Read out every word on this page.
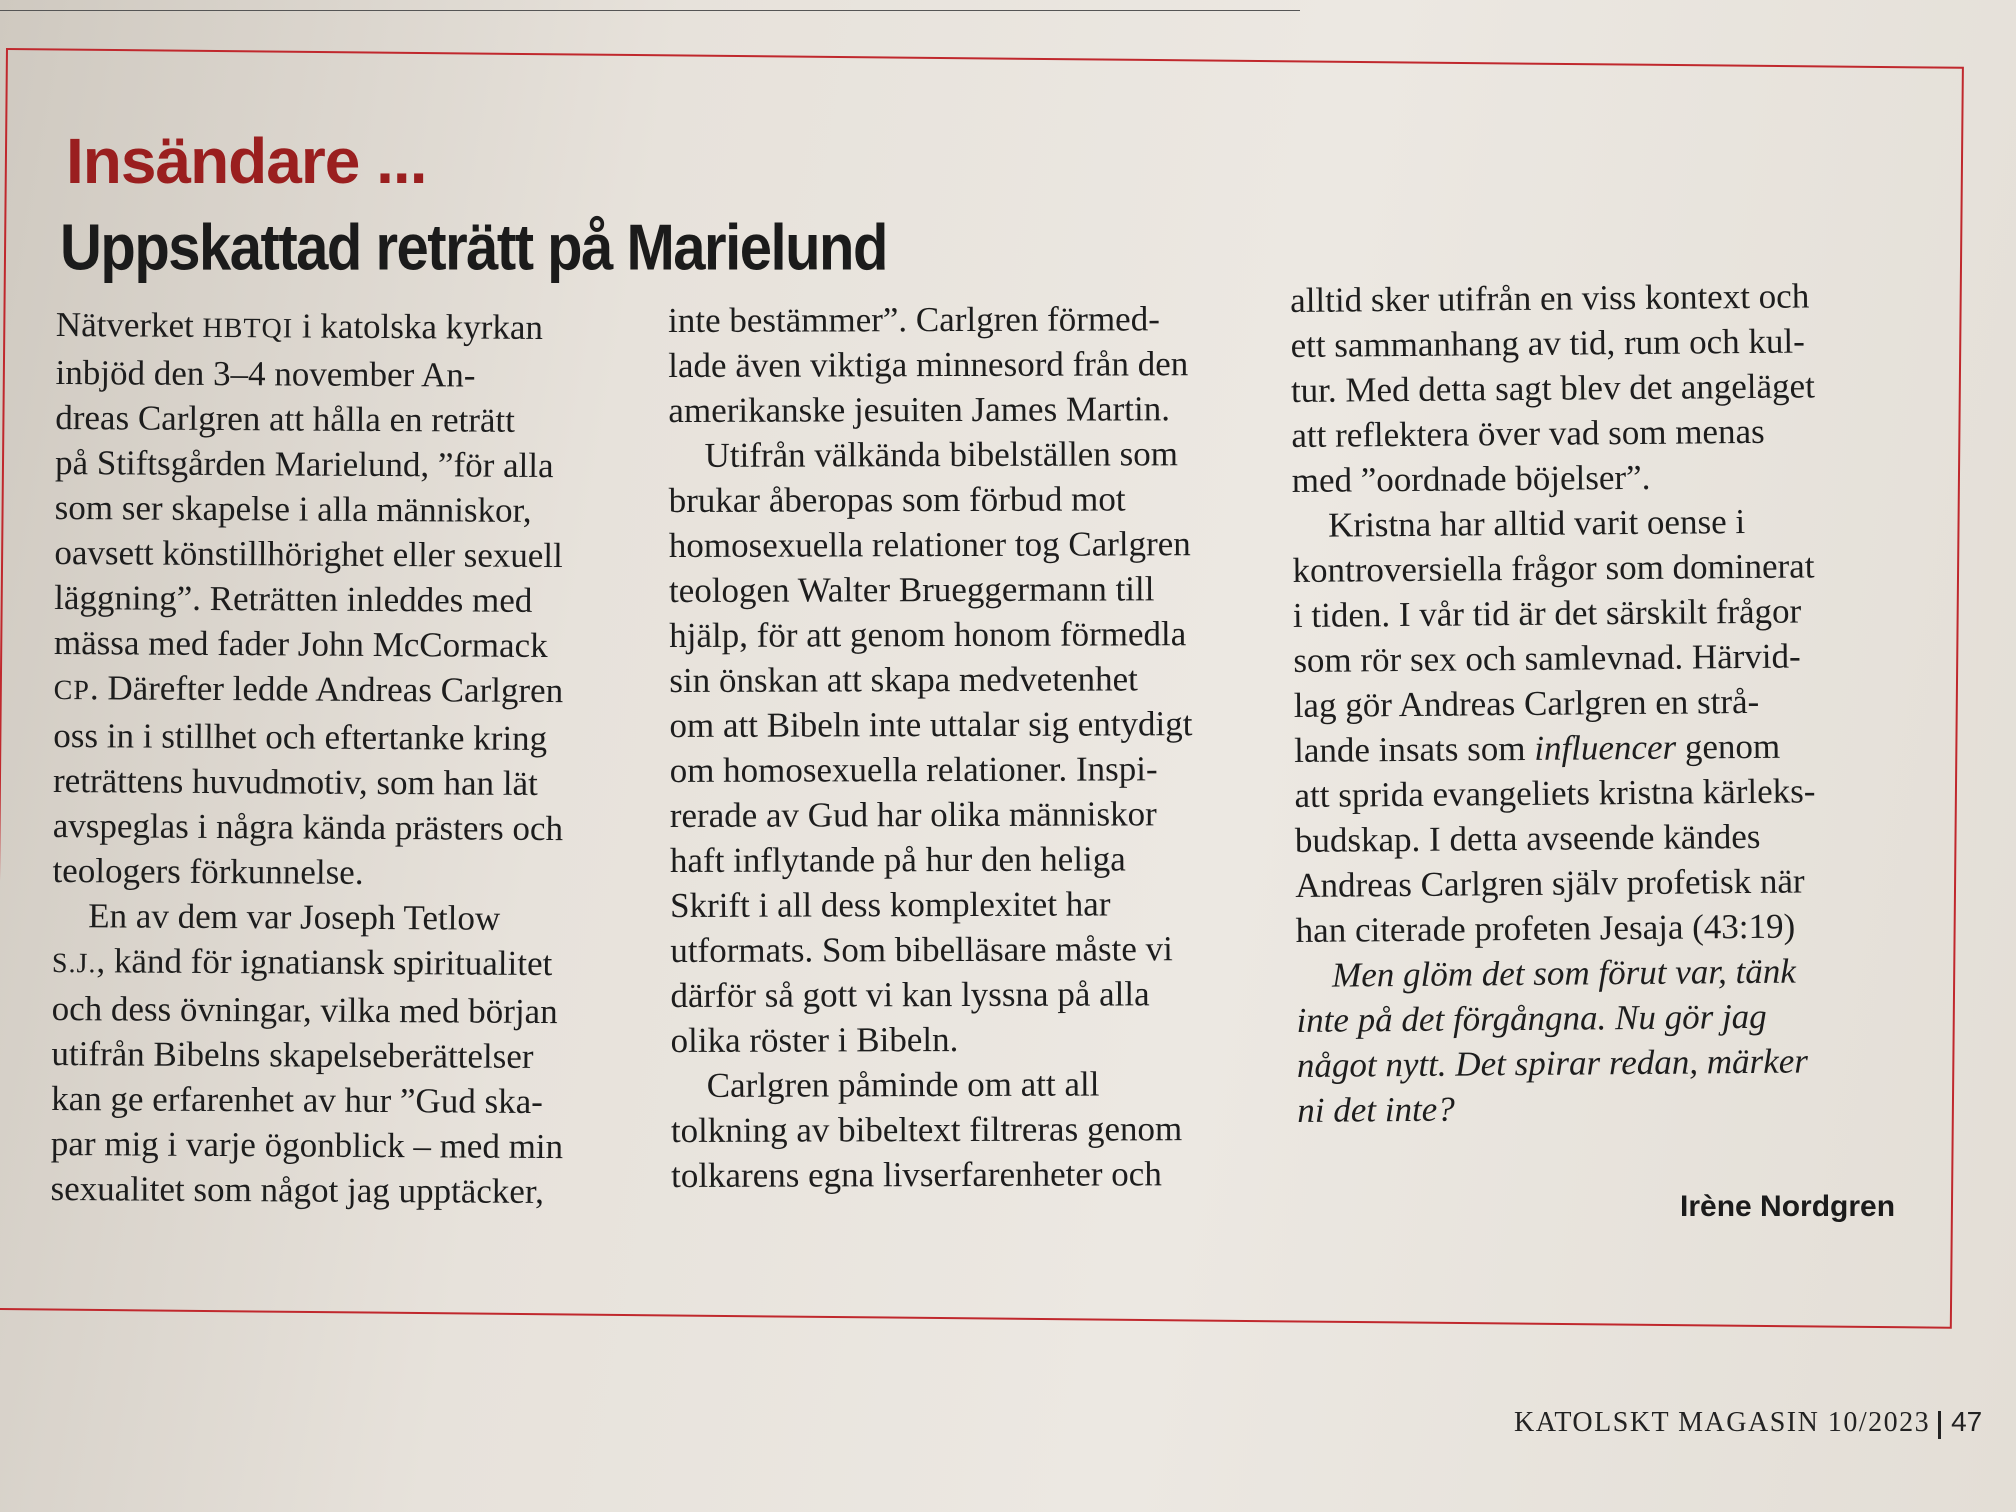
Insändare ...
Uppskattad reträtt på Marielund
Nätverket HBTQI i katolska kyrkan
inbjöd den 3–4 november An-
dreas Carlgren att hålla en reträtt
på Stiftsgården Marielund, ”för alla
som ser skapelse i alla människor,
oavsett könstillhörighet eller sexuell
läggning”. Reträtten inleddes med
mässa med fader John McCormack
CP. Därefter ledde Andreas Carlgren
oss in i stillhet och eftertanke kring
reträttens huvudmotiv, som han lät
avspeglas i några kända prästers och
teologers förkunnelse.
En av dem var Joseph Tetlow
S.J., känd för ignatiansk spiritualitet
och dess övningar, vilka med början
utifrån Bibelns skapelseberättelser
kan ge erfarenhet av hur ”Gud ska-
par mig i varje ögonblick – med min
sexualitet som något jag upptäcker,
inte bestämmer”. Carlgren förmed-
lade även viktiga minnesord från den
amerikanske jesuiten James Martin.
Utifrån välkända bibelställen som
brukar åberopas som förbud mot
homosexuella relationer tog Carlgren
teologen Walter Brueggermann till
hjälp, för att genom honom förmedla
sin önskan att skapa medvetenhet
om att Bibeln inte uttalar sig entydigt
om homosexuella relationer. Inspi-
rerade av Gud har olika människor
haft inflytande på hur den heliga
Skrift i all dess komplexitet har
utformats. Som bibelläsare måste vi
därför så gott vi kan lyssna på alla
olika röster i Bibeln.
Carlgren påminde om att all
tolkning av bibeltext filtreras genom
tolkarens egna livserfarenheter och
alltid sker utifrån en viss kontext och
ett sammanhang av tid, rum och kul-
tur. Med detta sagt blev det angeläget
att reflektera över vad som menas
med ”oordnade böjelser”.
Kristna har alltid varit oense i
kontroversiella frågor som dominerat
i tiden. I vår tid är det särskilt frågor
som rör sex och samlevnad. Härvid-
lag gör Andreas Carlgren en strå-
lande insats som influencer genom
att sprida evangeliets kristna kärleks-
budskap. I detta avseende kändes
Andreas Carlgren själv profetisk när
han citerade profeten Jesaja (43:19)
Men glöm det som förut var, tänk
inte på det förgångna. Nu gör jag
något nytt. Det spirar redan, märker
ni det inte?
Irène Nordgren
KATOLSKT MAGASIN 10/2023 47
